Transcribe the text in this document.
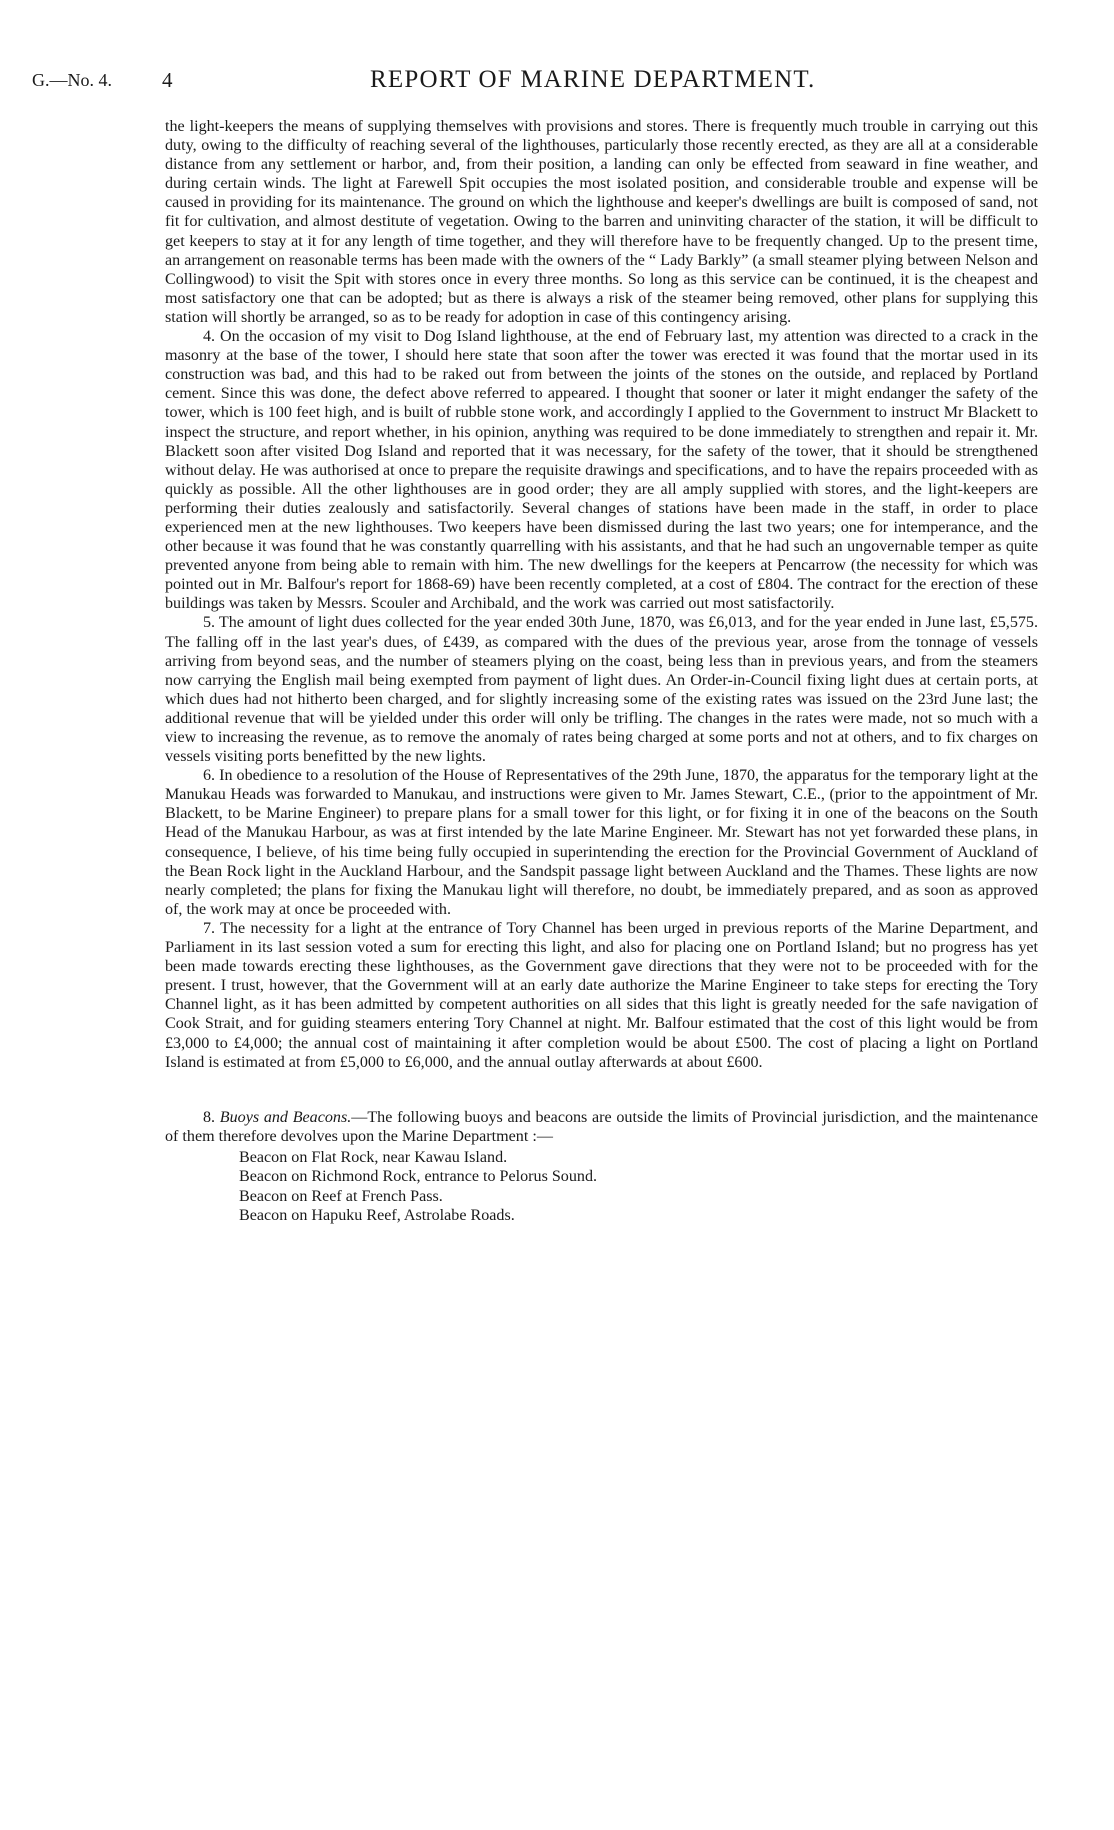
G.—No. 4. 4	REPORT OF MARINE DEPARTMENT.

the light-keepers the means of supplying themselves with provisions and stores. There is frequently much trouble in carrying out this duty, owing to the difficulty of reaching several of the lighthouses, particularly those recently erected, as they are all at a considerable distance from any settlement or harbor, and, from their position, a landing can only be effected from seaward in fine weather, and during certain winds. The light at Farewell Spit occupies the most isolated position, and considerable trouble and expense will be caused in providing for its maintenance. The ground on which the lighthouse and keeper's dwellings are built is composed of sand, not fit for cultivation, and almost destitute of vegetation. Owing to the barren and uninviting character of the station, it will be difficult to get keepers to stay at it for any length of time together, and they will therefore have to be frequently changed. Up to the present time, an arrangement on reasonable terms has been made with the owners of the “ Lady Barkly” (a small steamer plying between Nelson and Collingwood) to visit the Spit with stores once in every three months. So long as this service can be continued, it is the cheapest and most satisfactory one that can be adopted; but as there is always a risk of the steamer being removed, other plans for supplying this station will shortly be arranged, so as to be ready for adoption in case of this contingency arising.

4. On the occasion of my visit to Dog Island lighthouse, at the end of February last, my attention was directed to a crack in the masonry at the base of the tower, I should here state that soon after the tower was erected it was found that the mortar used in its construction was bad, and this had to be raked out from between the joints of the stones on the outside, and replaced by Portland cement. Since this was done, the defect above referred to appeared. I thought that sooner or later it might endanger the safety of the tower, which is 100 feet high, and is built of rubble stone work, and accordingly I applied to the Government to instruct Mr Blackett to inspect the structure, and report whether, in his opinion, anything was required to be done immediately to strengthen and repair it. Mr. Blackett soon after visited Dog Island and reported that it was necessary, for the safety of the tower, that it should be strengthened without delay. He was authorised at once to prepare the requisite drawings and specifications, and to have the repairs proceeded with as quickly as possible. All the other lighthouses are in good order; they are all amply supplied with stores, and the light-keepers are performing their duties zealously and satisfactorily. Several changes of stations have been made in the staff, in order to place experienced men at the new lighthouses. Two keepers have been dismissed during the last two years; one for intemperance, and the other because it was found that he was constantly quarrelling with his assistants, and that he had such an ungovernable temper as quite prevented anyone from being able to remain with him. The new dwellings for the keepers at Pencarrow (the necessity for which was pointed out in Mr. Balfour's report for 1868-69) have been recently completed, at a cost of £804. The contract for the erection of these buildings was taken by Messrs. Scouler and Archibald, and the work was carried out most satisfactorily.

5. The amount of light dues collected for the year ended 30th June, 1870, was £6,013, and for the year ended in June last, £5,575. The falling off in the last year's dues, of £439, as compared with the dues of the previous year, arose from the tonnage of vessels arriving from beyond seas, and the number of steamers plying on the coast, being less than in previous years, and from the steamers now carrying the English mail being exempted from payment of light dues. An Order-in-Council fixing light dues at certain ports, at which dues had not hitherto been charged, and for slightly increasing some of the existing rates was issued on the 23rd June last; the additional revenue that will be yielded under this order will only be trifling. The changes in the rates were made, not so much with a view to increasing the revenue, as to remove the anomaly of rates being charged at some ports and not at others, and to fix charges on vessels visiting ports benefitted by the new lights.

6. In obedience to a resolution of the House of Representatives of the 29th June, 1870, the apparatus for the temporary light at the Manukau Heads was forwarded to Manukau, and instructions were given to Mr. James Stewart, C.E., (prior to the appointment of Mr. Blackett, to be Marine Engineer) to prepare plans for a small tower for this light, or for fixing it in one of the beacons on the South Head of the Manukau Harbour, as was at first intended by the late Marine Engineer. Mr. Stewart has not yet forwarded these plans, in consequence, I believe, of his time being fully occupied in superintending the erection for the Provincial Government of Auckland of the Bean Rock light in the Auckland Harbour, and the Sandspit passage light between Auckland and the Thames. These lights are now nearly completed; the plans for fixing the Manukau light will therefore, no doubt, be immediately prepared, and as soon as approved of, the work may at once be proceeded with.

7. The necessity for a light at the entrance of Tory Channel has been urged in previous reports of the Marine Department, and Parliament in its last session voted a sum for erecting this light, and also for placing one on Portland Island; but no progress has yet been made towards erecting these lighthouses, as the Government gave directions that they were not to be proceeded with for the present. I trust, however, that the Government will at an early date authorize the Marine Engineer to take steps for erecting the Tory Channel light, as it has been admitted by competent authorities on all sides that this light is greatly needed for the safe navigation of Cook Strait, and for guiding steamers entering Tory Channel at night. Mr. Balfour estimated that the cost of this light would be from £3,000 to £4,000; the annual cost of maintaining it after completion would be about £500. The cost of placing a light on Portland Island is estimated at from £5,000 to £6,000, and the annual outlay afterwards at about £600.

8. Buoys and Beacons.—The following buoys and beacons are outside the limits of Provincial jurisdiction, and the maintenance of them therefore devolves upon the Marine Department :—

Beacon on Flat Rock, near Kawau Island.
Beacon on Richmond Rock, entrance to Pelorus Sound.
Beacon on Reef at French Pass.
Beacon on Hapuku Reef, Astrolabe Roads.
